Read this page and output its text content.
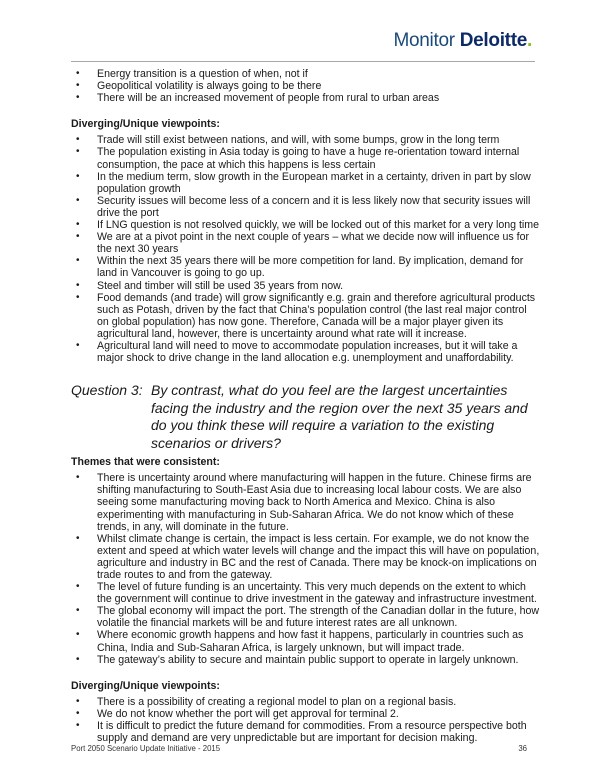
Monitor Deloitte.
• Energy transition is a question of when, not if
• Geopolitical volatility is always going to be there
• There will be an increased movement of people from rural to urban areas

Diverging/Unique viewpoints:

• Trade will still exist between nations, and will, with some bumps, grow in the long term
• The population existing in Asia today is going to have a huge re-orientation toward internal consumption, the pace at which this happens is less certain
• In the medium term, slow growth in the European market in a certainty, driven in part by slow population growth
• Security issues will become less of a concern and it is less likely now that security issues will drive the port
• If LNG question is not resolved quickly, we will be locked out of this market for a very long time
• We are at a pivot point in the next couple of years – what we decide now will influence us for the next 30 years
• Within the next 35 years there will be more competition for land. By implication, demand for land in Vancouver is going to go up.
• Steel and timber will still be used 35 years from now.
• Food demands (and trade) will grow significantly e.g. grain and therefore agricultural products such as Potash, driven by the fact that China’s population control (the last real major control on global population) has now gone. Therefore, Canada will be a major player given its agricultural land, however, there is uncertainty around what rate will it increase.
• Agricultural land will need to move to accommodate population increases, but it will take a major shock to drive change in the land allocation e.g. unemployment and unaffordability.
Question 3: By contrast, what do you feel are the largest uncertainties facing the industry and the region over the next 35 years and do you think these will require a variation to the existing scenarios or drivers?

Themes that were consistent:

• There is uncertainty around where manufacturing will happen in the future. Chinese firms are shifting manufacturing to South-East Asia due to increasing local labour costs. We are also seeing some manufacturing moving back to North America and Mexico. China is also experimenting with manufacturing in Sub-Saharan Africa. We do not know which of these trends, in any, will dominate in the future.
• Whilst climate change is certain, the impact is less certain. For example, we do not know the extent and speed at which water levels will change and the impact this will have on population, agriculture and industry in BC and the rest of Canada. There may be knock-on implications on trade routes to and from the gateway.
• The level of future funding is an uncertainty. This very much depends on the extent to which the government will continue to drive investment in the gateway and infrastructure investment.
• The global economy will impact the port. The strength of the Canadian dollar in the future, how volatile the financial markets will be and future interest rates are all unknown.
• Where economic growth happens and how fast it happens, particularly in countries such as China, India and Sub-Saharan Africa, is largely unknown, but will impact trade.
• The gateway’s ability to secure and maintain public support to operate in largely unknown.

Diverging/Unique viewpoints:

• There is a possibility of creating a regional model to plan on a regional basis.
• We do not know whether the port will get approval for terminal 2.
• It is difficult to predict the future demand for commodities. From a resource perspective both supply and demand are very unpredictable but are important for decision making.
Port 2050 Scenario Update Initiative - 2015	36
